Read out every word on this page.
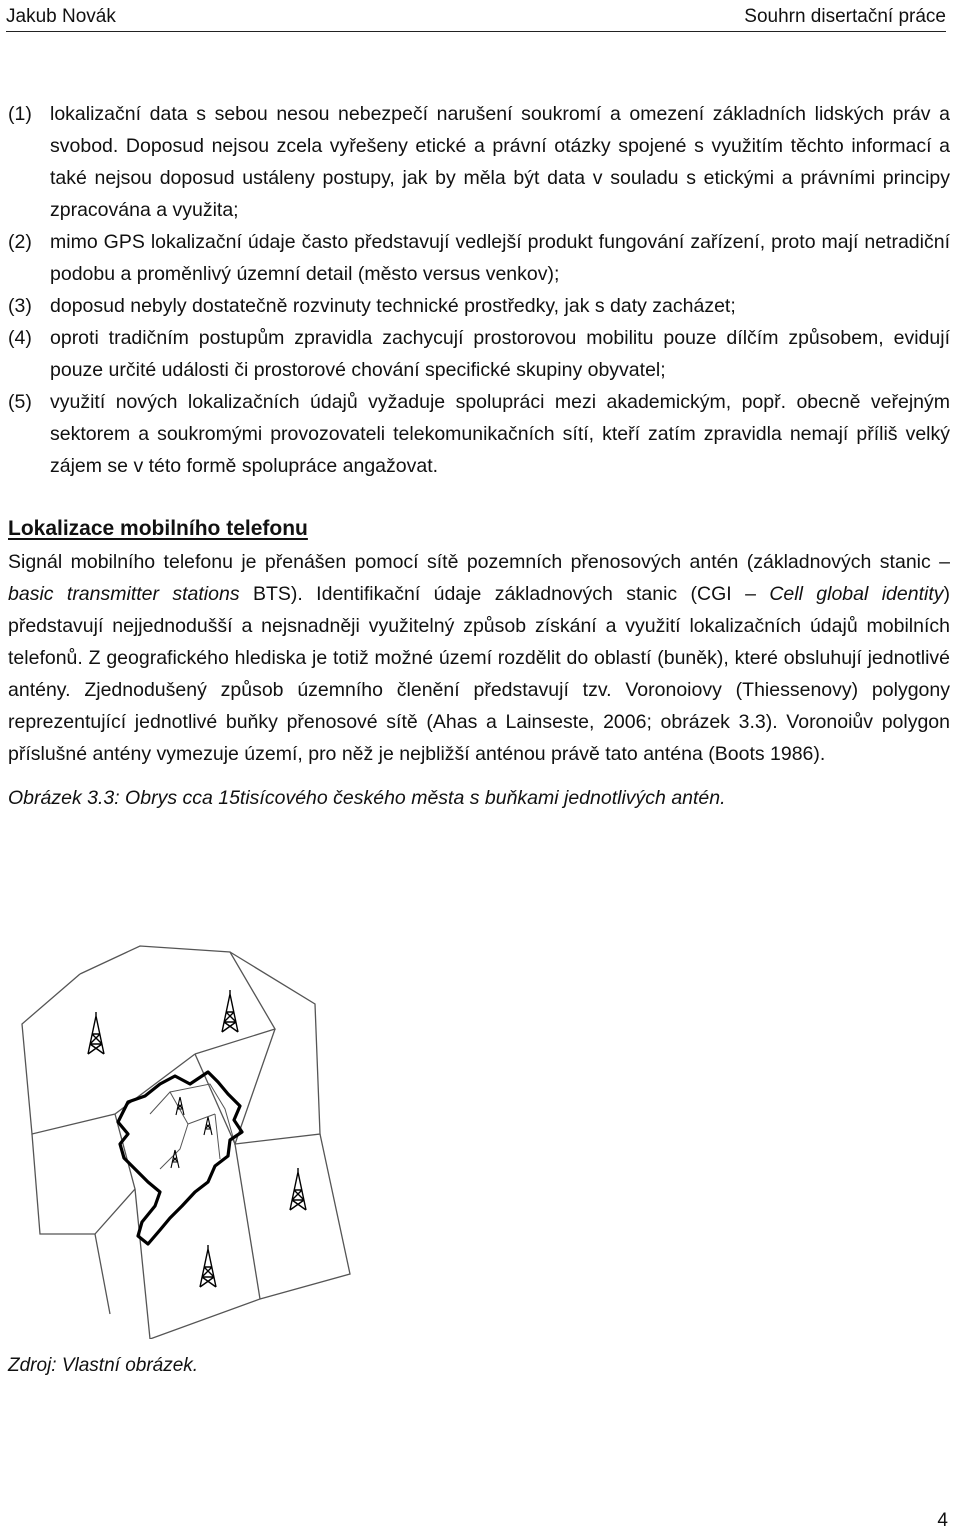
Jakub Novák	Souhrn disertační práce
(1) lokalizační data s sebou nesou nebezpečí narušení soukromí a omezení základních lidských práv a svobod. Doposud nejsou zcela vyřešeny etické a právní otázky spojené s využitím těchto informací a také nejsou doposud ustáleny postupy, jak by měla být data v souladu s etickými a právními principy zpracována a využita;
(2) mimo GPS lokalizační údaje často představují vedlejší produkt fungování zařízení, proto mají netradiční podobu a proměnlivý územní detail (město versus venkov);
(3) doposud nebyly dostatečně rozvinuty technické prostředky, jak s daty zacházet;
(4) oproti tradičním postupům zpravidla zachycují prostorovou mobilitu pouze dílčím způsobem, evidují pouze určité události či prostorové chování specifické skupiny obyvatel;
(5) využití nových lokalizačních údajů vyžaduje spolupráci mezi akademickým, popř. obecně veřejným sektorem a soukromými provozovateli telekomunikačních sítí, kteří zatím zpravidla nemají příliš velký zájem se v této formě spolupráce angažovat.
Lokalizace mobilního telefonu

Signál mobilního telefonu je přenášen pomocí sítě pozemních přenosových antén (základnových stanic – basic transmitter stations BTS). Identifikační údaje základnových stanic (CGI – Cell global identity) představují nejjednodušší a nejsnadněji využitelný způsob získání a využití lokalizačních údajů mobilních telefonů. Z geografického hlediska je totiž možné území rozdělit do oblastí (buněk), které obsluhují jednotlivé antény. Zjednodušený způsob územního členění představují tzv. Voronoiovy (Thiessenovy) polygony reprezentující jednotlivé buňky přenosové sítě (Ahas a Lainseste, 2006; obrázek 3.3). Voronoiův polygon příslušné antény vymezuje území, pro něž je nejbližší anténou právě tato anténa (Boots 1986).

Obrázek 3.3: Obrys cca 15tisícového českého města s buňkami jednotlivých antén.
Zdroj: Vlastní obrázek.
4
